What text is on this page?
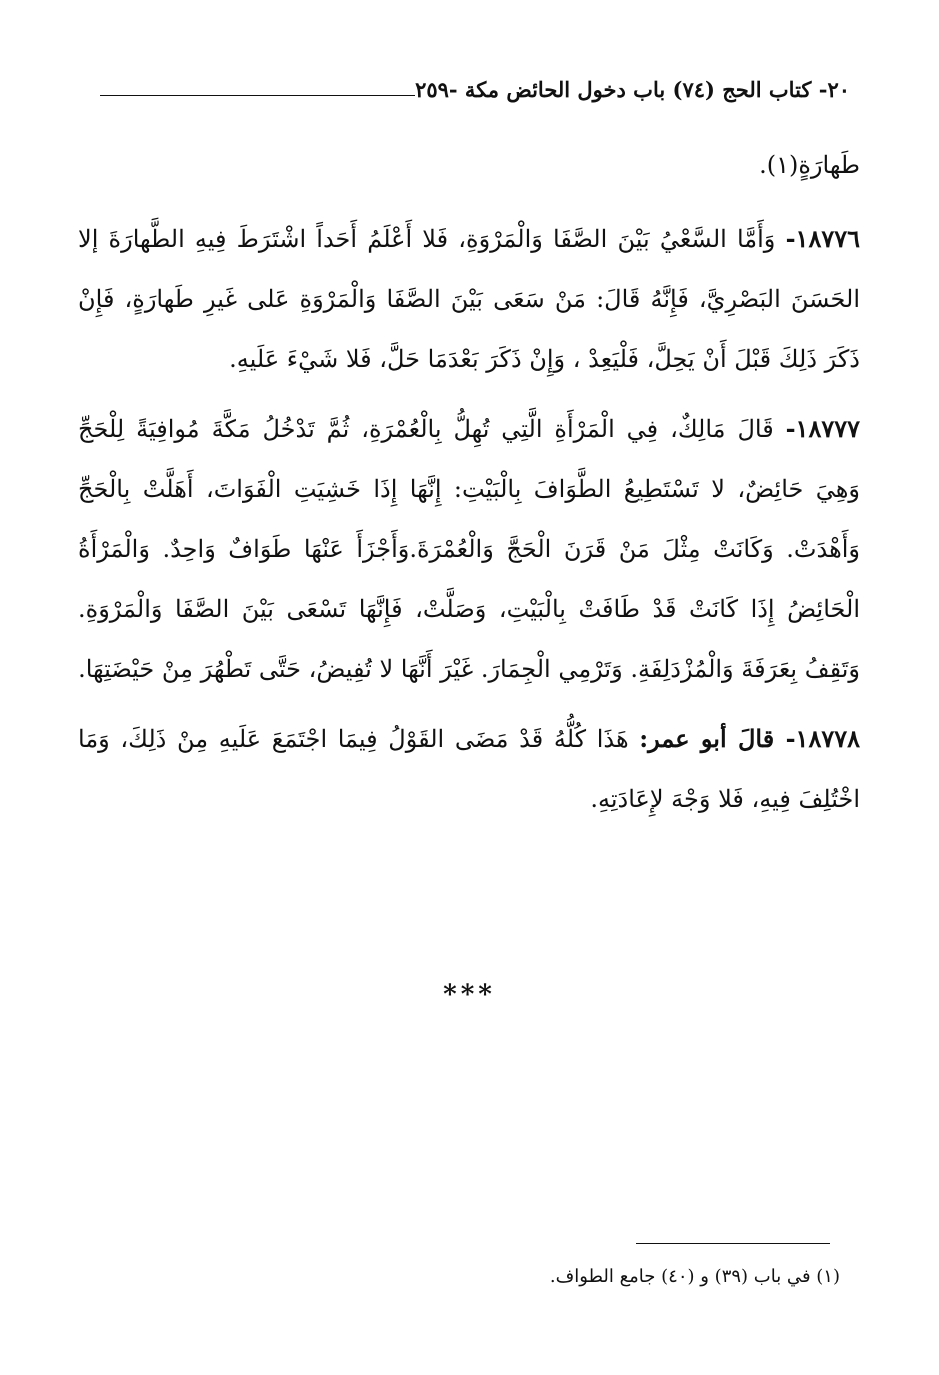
٢٠- كتاب الحج (٧٤) باب دخول الحائض مكة -٢٥٩

طَهارَةٍ(١).

١٨٧٧٦- وَأَمَّا السَّعْيُ بَيْنَ الصَّفَا وَالْمَرْوَةِ، فَلا أَعْلَمُ أَحَداً اشْتَرَطَ فِيهِ الطَّهارَةَ إلا الحَسَنَ البَصْرِيَّ، فَإِنَّهُ قَالَ: مَنْ سَعَى بَيْنَ الصَّفَا وَالْمَرْوَةِ عَلى غَيرِ طَهارَةٍ، فَإِنْ ذَكَرَ ذَلِكَ قَبْلَ أَنْ يَحِلَّ، فَلْيَعِدْ ، وَإِنْ ذَكَرَ بَعْدَمَا حَلَّ، فَلا شَيْءَ عَلَيهِ.

١٨٧٧٧- قَالَ مَالِكٌ، فِي الْمَرْأَةِ الَّتِي تُهِلُّ بِالْعُمْرَةِ، ثُمَّ تَدْخُلُ مَكَّةَ مُوافِيَةً لِلْحَجِّ وَهِيَ حَائِضٌ، لا تَسْتَطِيعُ الطَّوَافَ بِالْبَيْتِ: إِنَّهَا إِذَا خَشِيَتِ الْفَوَاتَ، أَهَلَّتْ بِالْحَجِّ وَأَهْدَتْ. وَكَانَتْ مِثْلَ مَنْ قَرَنَ الْحَجَّ وَالْعُمْرَةَ.وَأَجْزَأَ عَنْهَا طَوَافٌ وَاحِدٌ. وَالْمَرْأَةُ الْحَائِضُ إِذَا كَانَتْ قَدْ طَافَتْ بِالْبَيْتِ، وَصَلَّتْ، فَإِنَّهَا تَسْعَى بَيْنَ الصَّفَا وَالْمَرْوَةِ. وَتَقِفُ بِعَرَفَةَ وَالْمُزْدَلِفَةِ. وَتَرْمِي الْجِمَارَ. غَيْرَ أَنَّهَا لا تُفِيضُ، حَتَّى تَطْهُرَ مِنْ حَيْضَتِهَا.

١٨٧٧٨- قالَ أبو عمر: هَذَا كُلُّهُ قَدْ مَضَى القَوْلُ فِيمَا اجْتَمَعَ عَلَيهِ مِنْ ذَلِكَ، وَمَا اخْتُلِفَ فِيهِ، فَلا وَجْهَ لإِعَادَتِهِ.

***
(١) في باب (٣٩) و (٤٠) جامع الطواف.
